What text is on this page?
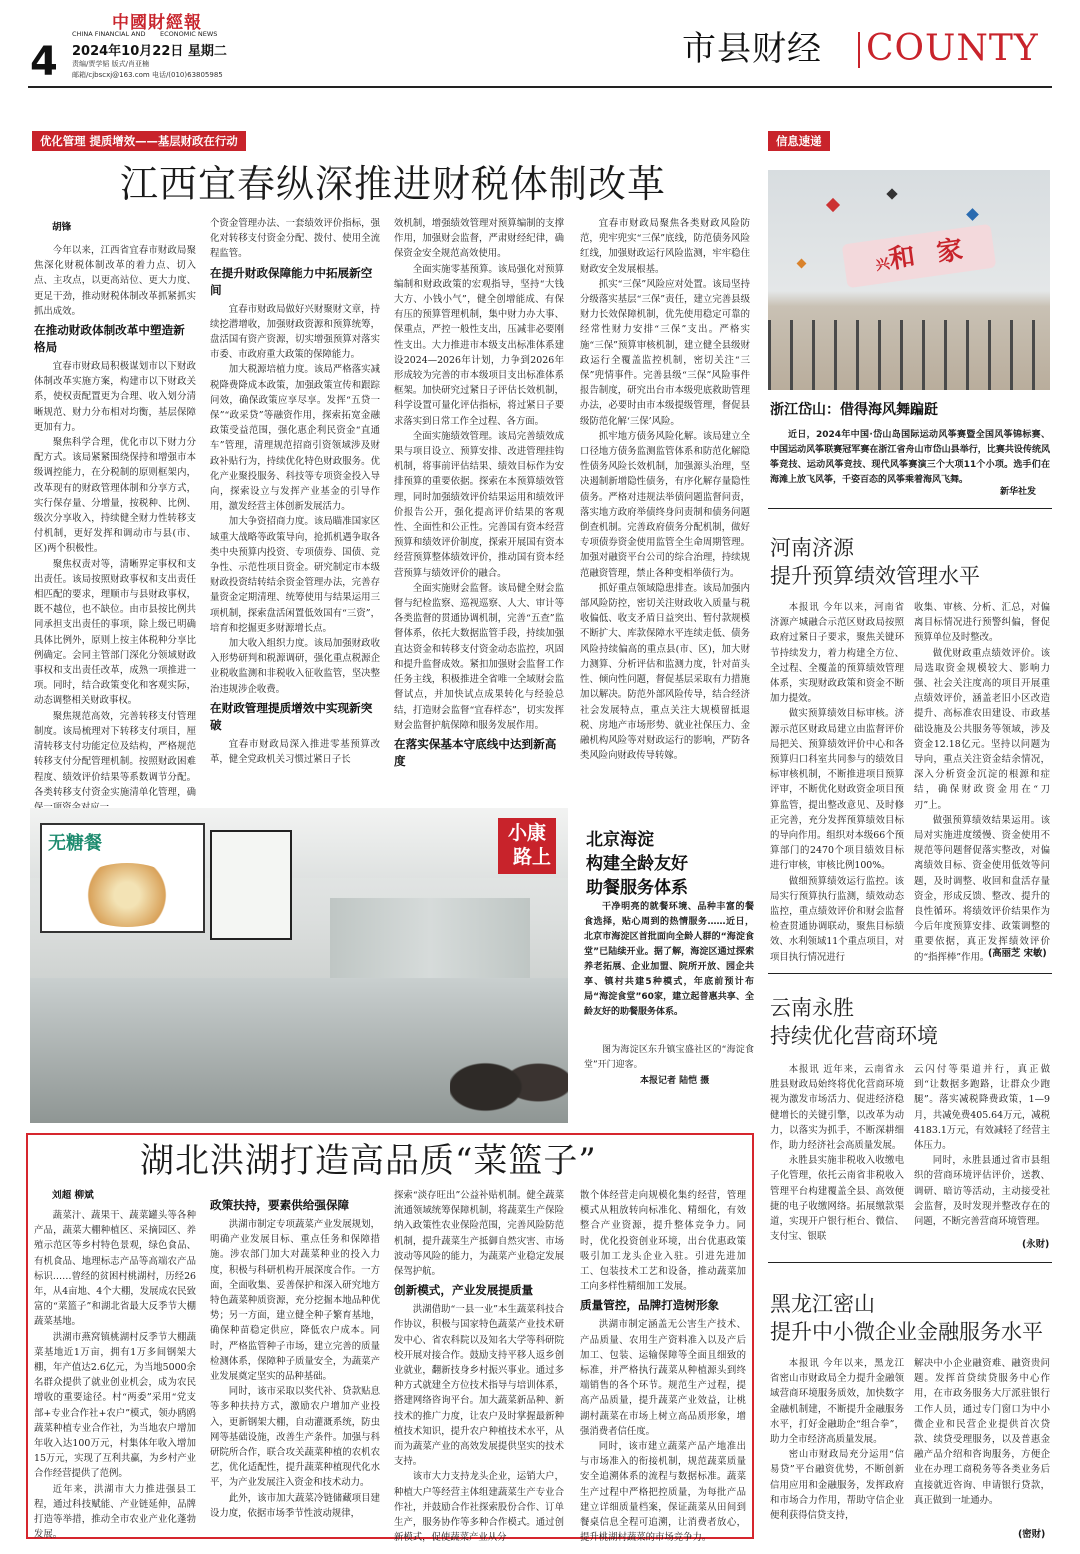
4
中國財經報
CHINA FINANCIAL AND ECONOMIC NEWS
2024年10月22日 星期二
责编/贾学韬 版式/肖亚楠
邮箱/cjbscxj@163.com 电话/(010)63805985
市县财经 COUNTY
优化管理 提质增效——基层财政在行动	信息速递
江西宜春纵深推进财税体制改革
胡锋
今年以来，江西省宜春市财政局聚焦深化财税体制改革的着力点、切入点、主攻点，以更高站位、更大力度、更足干劲，推动财税体制改革抓紧抓实抓出成效。
在推动财政体制改革中塑造新格局
宜春市财政局积极谋划市以下财政体制改革实施方案，构建市以下财政关系，使权责配置更为合理、收入划分清晰规范、财力分布相对均衡，基层保障更加有力。
聚焦科学合理，优化市以下财力分配方式。该局紧紧围绕保持和增强市本级调控能力，在分税制的原则框架内，改革现有的财政管理体制和分享方式，实行保存量、分增量，按税种、比例、级次分享收入，持续健全财力性转移支付机制，更好发挥和调动市与县(市、区)两个积极性。
聚焦权责对等，清晰界定事权和支出责任。该局按照财政事权和支出责任相匹配的要求，理顺市与县财政事权，既不越位，也不缺位。由市县按比例共同承担支出责任的事项，除上级已明确具体比例外，原则上按主体税种分享比例确定。会同主管部门深化分领域财政事权和支出责任改革，成熟一项推进一项。同时，结合政策变化和客观实际，动态调整相关财政事权。
聚焦规范高效，完善转移支付管理制度。该局梳理对下转移支付项目，厘清转移支付功能定位及结构，严格规范转移支付分配管理机制。按照财政困难程度、绩效评价结果等系数调节分配。各类转移支付资金实施清单化管理，确
个资金管理办法、一套绩效评价指标，强化对转移支付资金分配、拨付、使用全流程监管。
在提升财政保障能力中拓展新空间
宜春市财政局做好兴财聚财文章，持续挖潜增收，加强财政资源和预算统筹，盘活国有资产资源，切实增强预算对落实市委、市政府重大政策的保障能力。
加大税源培植力度。该局严格落实减税降费降成本政策，加强政策宣传和跟踪问效，确保政策应享尽享。发挥“五贷一保”“政采贷”等融资作用，探索拓宽金融政策受益范围，强化惠企利民资金“直通车”管理，清理规范招商引资领域涉及财政补贴行为，持续优化特色财政服务。优化产业聚投服务、科技等专项资金投入导向，探索设立与发挥产业基金的引导作用，激发经营主体创新发展活力。
加大争资招商力度。该局瞄准国家区域重大战略等政策导向，抢抓机遇争取各类中央预算内投资、专项债券、国债、竞争性、示范性项目资金。研究制定市本级财政投资结转结余资金管理办法，完善存量资金定期清理、统筹使用与结果运用三项机制，探索盘活闲置低效国有“三资”，培育和挖掘更多财源增长点。
加大收入组织力度。该局加强财政收入形势研判和税源调研，强化重点税源企业税收监测和非税收入征收监管，坚决整治违规涉企收费。
在财政管理提质增效中实现新突破
宜春市财政局深入推进零基预算改革，健全党政机关习惯过紧日子长
效机制，增强绩效管理对预算编制的支撑作用，加强财会监督，严肃财经纪律，确保资金安全规范高效使用。
全面实施零基预算。该局强化对预算编制和财政政策的宏观指导，坚持“大钱大方、小钱小气”，健全创增能成、有保有压的预算管理机制，集中财力办大事、保重点，严控一般性支出，压减非必要刚性支出。大力推进市本级支出标准体系建设2024—2026年计划，力争到2026年形成较为完善的市本级项目支出标准体系框架。加快研究过紧日子评估长效机制，科学设置可量化评估指标，将过紧日子要求落实到日常工作全过程、各方面。
全面实施绩效管理。该局完善绩效成果与项目设立、预算安排、改进管理挂钩机制，将事前评估结果、绩效目标作为安排预算的重要依据。探索在本预算绩效管理，同时加强绩效评价结果运用和绩效评价报告公开，强化提高评价结果的客观性、全面性和公正性。完善国有资本经营预算和绩效评价制度，探索开展国有资本经营预算整体绩效评价，推动国有资本经营预算与绩效评价的融合。
全面实施财会监督。该局健全财会监督与纪检监察、巡视巡察、人大、审计等各类监督的贯通协调机制，完善“五查”监督体系，依托大数据监管手段，持续加强直达资金和转移支付资金动态监控，巩固和提升监督成效。紧扣加强财会监督工作任务主线，积极推进全省唯一全域财会监督试点，并加快试点成果转化与经验总结，打造财会监督“宜春样态”，切实发挥财会监督护航保障和服务发展作用。
在落实保基本守底线中达到新高度
宜春市财政局聚焦各类财政风险防范，兜牢兜实“三保”底线，防范债务风险红线，加强财政运行风险监测，牢牢稳住财政安全发展根基。
抓实“三保”风险应对处置。该局坚持分级落实基层“三保”责任，建立完善县级财力长效保障机制，优先使用稳定可靠的经常性财力安排“三保”支出。严格实施“三保”预算审核机制，建立健全县级财政运行全覆盖监控机制，密切关注“三保”兜情事件。完善县级“三保”风险事件报告制度，研究出台市本级兜底救助管理办法，必要时由市本级提级管理，督促县级防范化解‘三保’风险。
抓牢地方债务风险化解。该局建立全口径地方债务监测监管体系和防范化解隐性债务风险长效机制，加强源头治理，坚决遏制新增隐性债务，有序化解存量隐性债务。严格对违规法举债问题监督问责，落实地方政府举债终身问责制和债务问题倒查机制。完善政府债务分配机制，做好专项债券资金使用监管全生命周期管理。加强对融资平台公司的综合治理，持续规范融资管理，禁止各种变相举债行为。
抓好重点领域隐患排查。该局加强内部风险防控，密切关注财政收入质量与税收偏低、收支矛盾日益突出、暂付款规模不断扩大、库款保障水平连续走低、债务风险持续偏高的重点县(市、区)，加大财力测算、分析评估和监测力度，针对苗头性、倾向性问题，督促基层采取有力措施加以解决。防范外部风险传导，结合经济社会发展特点，重点关注大规模留抵退税、房地产市场形势、就业社保压力、金融机构风险等对财政运行的影响，严防各类风险向财政传导转嫁。
无糖餐	小康
路上
北京海淀
构建全龄友好
助餐服务体系
干净明亮的就餐环境、品种丰富的餐食选择，贴心周到的热情服务……近日，北京市海淀区首批面向全龄人群的“海淀食堂”已陆续开业。据了解，海淀区通过探索养老拓展、企业加盟、院所开放、园企共享、镇村共建5种模式，年底前预计布局“海淀食堂”60家，建立起普惠共享、全龄友好的助餐服务体系。
图为海淀区东升镇宝盛社区的“海淀食堂”开门迎客。
本报记者 陆恺 摄
湖北洪湖打造高品质“菜篮子”
刘超 柳斌
蔬菜汁、蔬果干、蔬菜罐头等各种产品，蔬菜大棚种植区、采摘园区、养殖示范区等乡村特色景观，绿色食品、有机食品、地理标志产品等高端农产品标识……曾经的贫困村桃湖村，历经26年，从4亩地、4个大棚，发展成农民致富的“菜篮子”和湖北省最大反季节大棚蔬菜基地。
洪湖市燕窝镇桃湖村反季节大棚蔬菜基地近1万亩，拥有1万多间钢架大棚，年产值达2.6亿元，为当地5000余名群众提供了就业创业机会，成为农民增收的重要途径。村“两委”采用“党支部+专业合作社+农户”模式，领办鸥鸥蔬菜种植专业合作社，为当地农户增加年收入达100万元，村集体年收入增加15万元，实现了互利共赢，为乡村产业合作经营提供了范例。
近年来，洪湖市大力推进强县工程，通过科技赋能、产业链延伸，品牌打造等举措，推动全市农业产业化蓬勃发展。
政策扶持，要素供给强保障
洪湖市制定专项蔬菜产业发展规划，明确产业发展目标、重点任务和保障措施。涉农部门加大对蔬菜种业的投入力度，积极与科研机构开展深度合作。一方面，全面收集、妥善保护和深入研究地方特色蔬菜种质资源，充分挖掘本地品种优势；另一方面，建立健全种子繁育基地，确保种苗稳定供应，降低农户成本。同时，严格监管种子市场，建立完善的质量检测体系，保障种子质量安全，为蔬菜产业发展奠定坚实的品种基础。
同时，该市采取以奖代补、贷款贴息等多种扶持方式，激励农户增加产业投入，更新钢架大棚，自动灌溉系统，防虫网等基础设施，改善生产条件。加强与科研院所合作，联合攻关蔬菜种植的农机农艺，优化适配性，提升蔬菜种植现代化水平，为产业发展注入资金和技术动力。
此外，该市加大蔬菜冷链储藏项目建设力度，依据市场季节性波动规律，
探索“淡存旺出”公益补贴机制。健全蔬菜流通领域统筹保障机制，将蔬菜生产保险纳入政策性农业保险范围，完善风险防范机制，提升蔬菜生产抵御自然灾害、市场波动等风险的能力，为蔬菜产业稳定发展保驾护航。
创新模式，产业发展提质量
洪湖借助“一县一业”本生蔬菜科技合作协议，积极与国家特色蔬菜产业技术研发中心、省农科院以及知名大学等科研院校开展对接合作。鼓励支持平移人返乡创业就业，翻新技身乡村振兴事业。通过多种方式就建全方位技术指导与培训体系，搭建网络咨询平台。加大蔬菜新品种、新技术的推广力度，让农户及时掌握最新种植技术知识，提升农户种植技术水平，从而为蔬菜产业的高效发展提供坚实的技术支持。
该市大力支持龙头企业，运销大户，种植大户等经营主体组建蔬菜生产专业合作社，并鼓励合作社探索股份合作、订单生产，服务协作等多种合作模式。通过创新模式，促使蔬菜产业从分
散个体经营走向规模化集约经营，管理模式从粗放转向标准化、精细化，有效整合产业资源，提升整体竞争力。同时，优化投资创业环境，出台优惠政策吸引加工龙头企业入驻。引进先进加工、包装技术工艺和设备，推动蔬菜加工向多样性精细加工发展。
质量管控，品牌打造树形象
洪湖市制定涵盖无公害生产技术、产品质量、农用生产资料准入以及产后加工、包装、运输保障等全面且细致的标准，并严格执行蔬菜从种植源头到终端销售的各个环节。规范生产过程，提高产品质量，提升蔬菜产业效益，让桃湖村蔬菜在市场上树立高品质形象，增强消费者信任度。
同时，该市建立蔬菜产品产地准出与市场准入的衔接机制，规范蔬菜质量安全追溯体系的流程与数据标准。蔬菜生产过程中严格把控质量，为每批产品建立详细质量档案，保证蔬菜从田间到餐桌信息全程可追溯，让消费者放心，提升桃湖村蔬菜的市场竞争力。
兴和 家
浙江岱山：借得海风舞蹁跹
近日，2024年中国·岱山岛国际运动风筝赛暨全国风筝锦标赛、中国运动风筝联赛冠军赛在浙江省舟山市岱山县举行，比赛共设传统风筝竞技、运动风筝竞技、现代风筝赛演三个大项11个小项。选手们在海滩上放飞风筝，千姿百态的风筝乘着海风飞舞。
新华社发
河南济源
提升预算绩效管理水平
本报讯 今年以来，河南省济源产城融合示范区财政局按照政府过紧日子要求，聚焦关键环节持续发力，着力构建全方位、全过程、全覆盖的预算绩效管理体系，实现财政政策和资金不断加力提效。
做实预算绩效目标审核。济源示范区财政局建立由监督评价局把关、预算绩效评价中心和各预算归口科室共同参与的绩效目标审核机制，不断推进项目预算评审，不断优化财政资金项目预算监管，提出整改意见、及时修正完善，充分发挥预算绩效目标的导向作用。组织对本级66个预算部门的2470个项目绩效目标进行审核，审核比例100%。
做细预算绩效运行监控。该局实行预算执行监测，绩效动态监控，重点绩效评价和财会监督检查贯通协调联动，聚焦目标绩效、水利领域11个重点项目，对项目执行情况进行
收集、审核、分析、汇总，对偏离目标情况进行预警纠偏，督促预算单位及时整改。
做优财政重点绩效评价。该局选取资金规模较大、影响力强、社会关注度高的项目开展重点绩效评价，涵盖老旧小区改造提升、高标准农田建设、市政基础设施及公共服务等领域，涉及资金12.18亿元。坚持以问题为导向，重点关注资金结余情况，深入分析资金沉淀的根源和症结，确保财政资金用在“刀刃”上。
做强预算绩效结果运用。该局对实施进度缓慢、资金使用不规范等问题督促落实整改，对偏离绩效目标、资金使用低效等问题，及时调整、收回和盘活存量资金，形成反馈、整改、提升的良性循环。将绩效评价结果作为今后年度预算安排、政策调整的重要依据，真正发挥绩效评价的“指挥棒”作用。
(高丽芝 宋敏)
云南永胜
持续优化营商环境
本报讯 近年来，云南省永胜县财政局始终将优化营商环境视为激发市场活力、促进经济稳健增长的关键引擎，以改革为动力，以落实为抓手，不断深耕细作，助力经济社会高质量发展。
永胜县实施非税收入收缴电子化管理，依托云南省非税收入管理平台构建覆盖全县、高效便捷的电子收缴网络。拓展缴款渠道，实现开户银行柜台、微信、支付宝、银联
云闪付等渠道并行，真正做到“让数据多跑路，让群众少跑腿”。落实减税降费政策，1—9月，共减免费405.64万元，减税4183.1万元，有效减轻了经营主体压力。
同时，永胜县通过省市县组织的营商环境评估评价，送教、调研、暗访等活动，主动接受社会监督，及时发现并整改存在的问题，不断完善营商环境管理。
(永财)
黑龙江密山
提升中小微企业金融服务水平
本报讯 今年以来，黑龙江省密山市财政局全力提升金融领域营商环境服务质效，加快数字金融机制建，不断提升金融服务水平，打好金融助企“组合拳”，助力全市经济高质量发展。
密山市财政局充分运用“信易贷”平台融资优势，不断创新信用应用和金融服务，发挥政府和市场合力作用，帮助守信企业便利获得信贷支持，
解决中小企业融资难、融资贵问题。发挥首贷续贷服务中心作用，在市政务服务大厅派驻银行工作人员，通过专门窗口为中小微企业和民营企业提供首次贷款、续贷受理服务，以及普惠金融产品介绍和咨询服务，方便企业在办理工商税务等各类业务后直接就近咨询、申请银行贷款，真正做到一址通办。
(密财)
